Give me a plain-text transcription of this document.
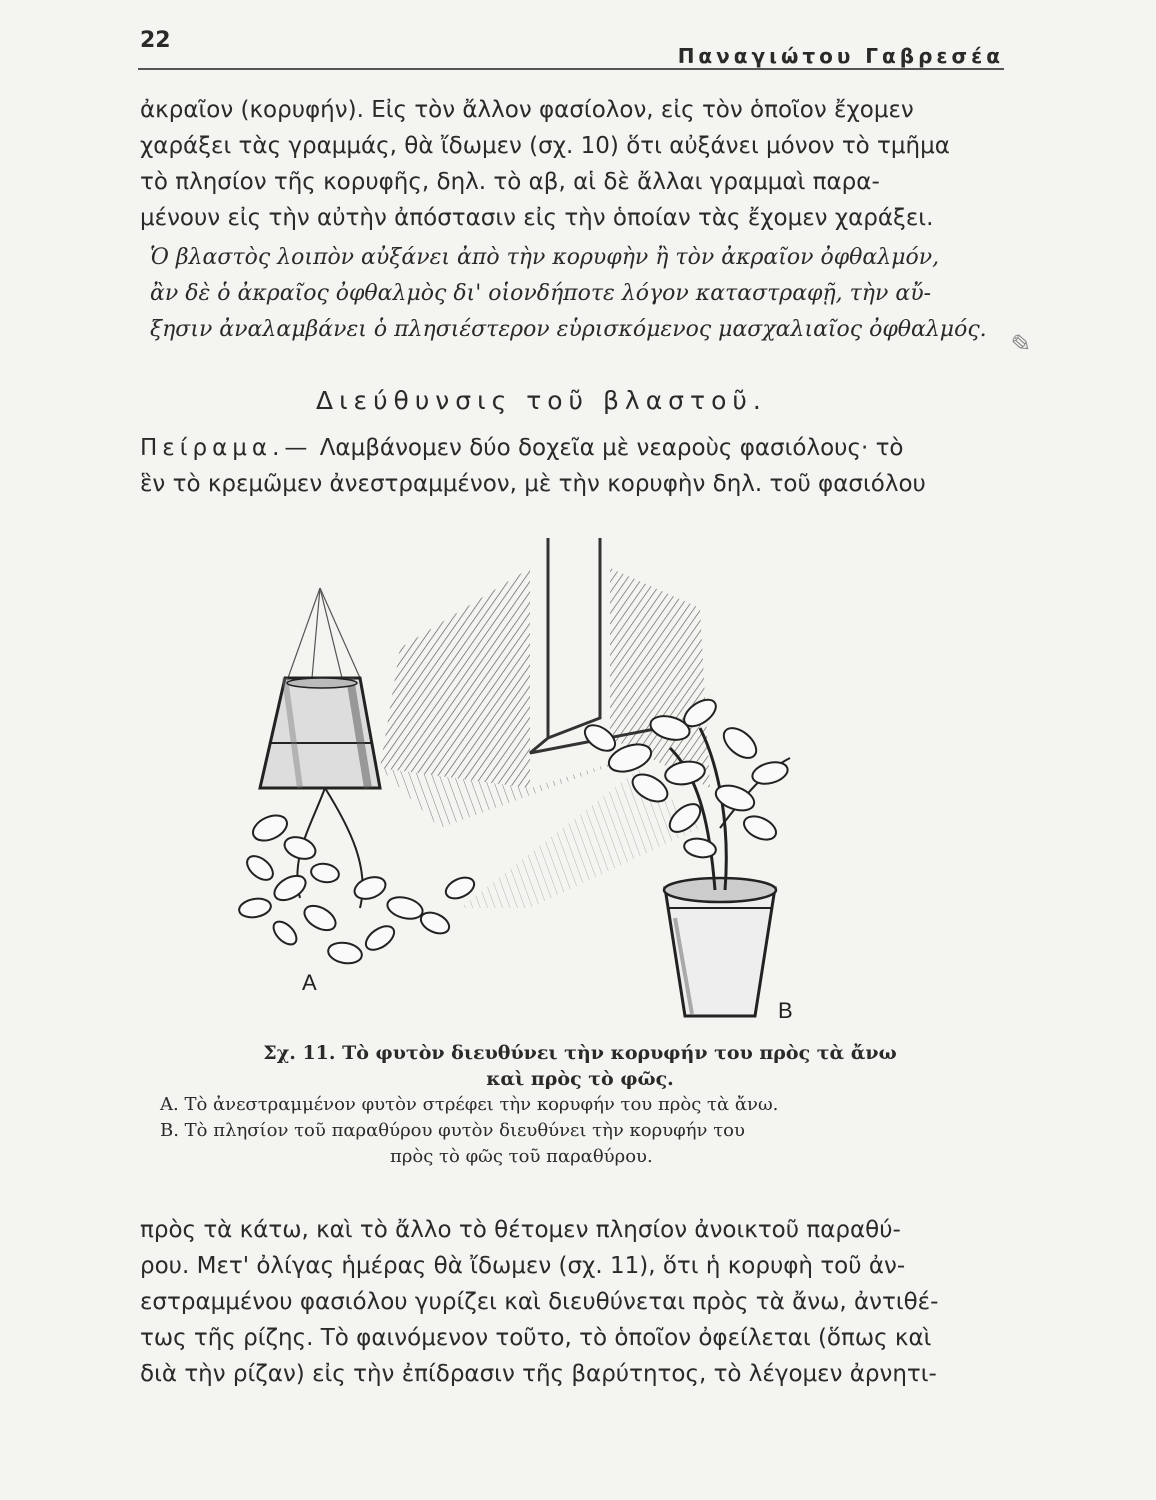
22
Παναγιώτου Γαβρεσέα
ἀκραῖον (κορυφήν). Εἰς τὸν ἄλλον φασίολον, εἰς τὸν ὁποῖον ἔχομεν
χαράξει τὰς γραμμάς, θὰ ἴδωμεν (σχ. 10) ὅτι αὐξάνει μόνον τὸ τμῆμα
τὸ πλησίον τῆς κορυφῆς, δηλ. τὸ αβ, αἱ δὲ ἄλλαι γραμμαὶ παρα-
μένουν εἰς τὴν αὐτὴν ἀπόστασιν εἰς τὴν ὁποίαν τὰς ἔχομεν χαράξει.
Ὁ βλαστὸς λοιπὸν αὐξάνει ἀπὸ τὴν κορυφὴν ἢ τὸν ἀκραῖον ὀφθαλμόν,
ἂν δὲ ὁ ἀκραῖος ὀφθαλμὸς δι' οἱονδήποτε λόγον καταστραφῇ, τὴν αὔ-
ξησιν ἀναλαμβάνει ὁ πλησιέστερον εὑρισκόμενος μασχαλιαῖος ὀφθαλμός. ✎
Διεύθυνσις τοῦ βλαστοῦ.
Πείραμα.— Λαμβάνομεν δύο δοχεῖα μὲ νεαροὺς φασιόλους· τὸ
ἓν τὸ κρεμῶμεν ἀνεστραμμένον, μὲ τὴν κορυφὴν δηλ. τοῦ φασιόλου
A
B
Σχ. 11. Τὸ φυτὸν διευθύνει τὴν κορυφήν του πρὸς τὰ ἄνω
καὶ πρὸς τὸ φῶς.
A. Τὸ ἀνεστραμμένον φυτὸν στρέφει τὴν κορυφήν του πρὸς τὰ ἄνω.
B. Τὸ πλησίον τοῦ παραθύρου φυτὸν διευθύνει τὴν κορυφήν του
πρὸς τὸ φῶς τοῦ παραθύρου.
πρὸς τὰ κάτω, καὶ τὸ ἄλλο τὸ θέτομεν πλησίον ἀνοικτοῦ παραθύ-
ρου. Μετ' ὀλίγας ἡμέρας θὰ ἴδωμεν (σχ. 11), ὅτι ἡ κορυφὴ τοῦ ἀν-
εστραμμένου φασιόλου γυρίζει καὶ διευθύνεται πρὸς τὰ ἄνω, ἀντιθέ-
τως τῆς ρίζης. Τὸ φαινόμενον τοῦτο, τὸ ὁποῖον ὀφείλεται (ὅπως καὶ
διὰ τὴν ρίζαν) εἰς τὴν ἐπίδρασιν τῆς βαρύτητος, τὸ λέγομεν ἀρνητι-
